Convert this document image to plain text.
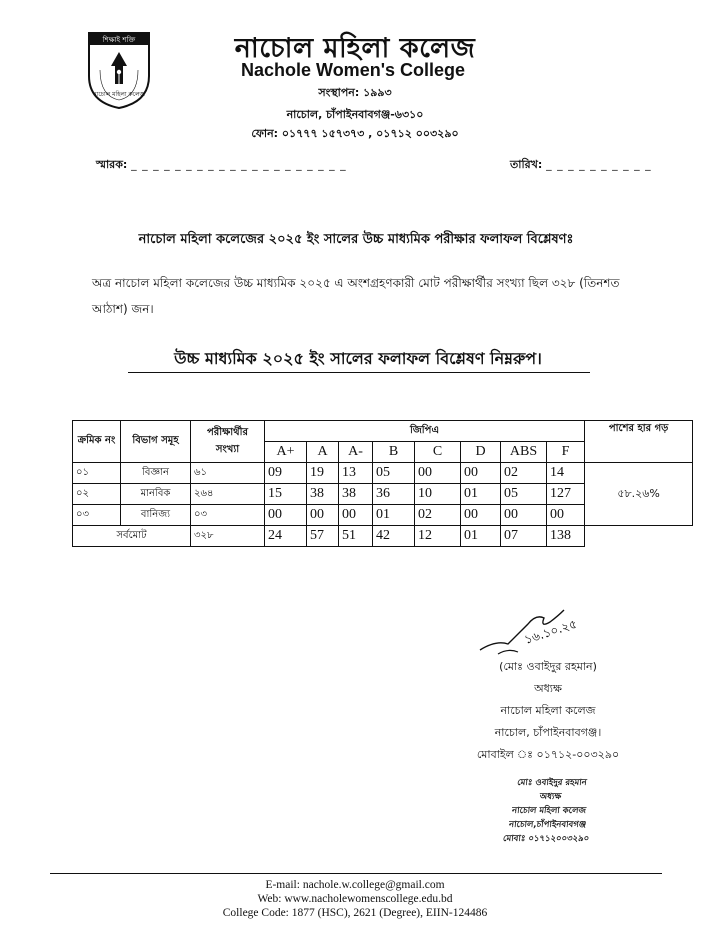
শিক্ষাই শক্তি
নাচোল মহিলা কলেজ
নাচোল মহিলা কলেজ
Nachole Women's College
সংস্থাপন: ১৯৯৩
নাচোল, চাঁপাইনবাবগঞ্জ-৬৩১০
ফোন: ০১৭৭৭ ১৫৭৩৭৩ , ০১৭১২ ০০৩২৯০
স্মারক: _ _ _ _ _ _ _ _ _ _ _ _ _ _ _ _ _ _ _ _	তারিখ: _ _ _ _ _ _ _ _ _ _
নাচোল মহিলা কলেজের ২০২৫ ইং সালের উচ্চ মাধ্যমিক পরীক্ষার ফলাফল বিশ্লেষণঃ
অত্র নাচোল মহিলা কলেজের উচ্চ মাধ্যমিক ২০২৫ এ অংশগ্রহণকারী মোট পরীক্ষার্থীর সংখ্যা ছিল ৩২৮ (তিনশত আঠাশ) জন।
উচ্চ মাধ্যমিক ২০২৫ ইং সালের ফলাফল বিশ্লেষণ নিম্নরুপ।
ক্রমিক নং	বিভাগ সমূহ	পরীক্ষার্থীর সংখ্যা	জিপিএ								পাশের হার গড়
			A+	A	A-	B	C	D	ABS	F	
০১	বিজ্ঞান	৬১	09	19	13	05	00	00	02	14	৫৮.২৬%
০২	মানবিক	২৬৪	15	38	38	36	10	01	05	127	
০৩	বানিজ্য	০৩	00	00	00	01	02	00	00	00	
সর্বমোট		৩২৮	24	57	51	42	12	01	07	138	
১৬.১০.২৫
(মোঃ ওবাইদুর রহমান)
অধ্যক্ষ
নাচোল মহিলা কলেজ
নাচোল, চাঁপাইনবাবগঞ্জ।
মোবাইল ঃ ০১৭১২-০০৩২৯০
মোঃ ওবাইদুর রহমান
অধ্যক্ষ
নাচোল মহিলা কলেজ
নাচোল,চাঁপাইনবাবগঞ্জ
মোবাঃ ০১৭১২০০৩২৯০
E-mail: nachole.w.college@gmail.com
Web: www.nacholewomenscollege.edu.bd
College Code: 1877 (HSC), 2621 (Degree), EIIN-124486
